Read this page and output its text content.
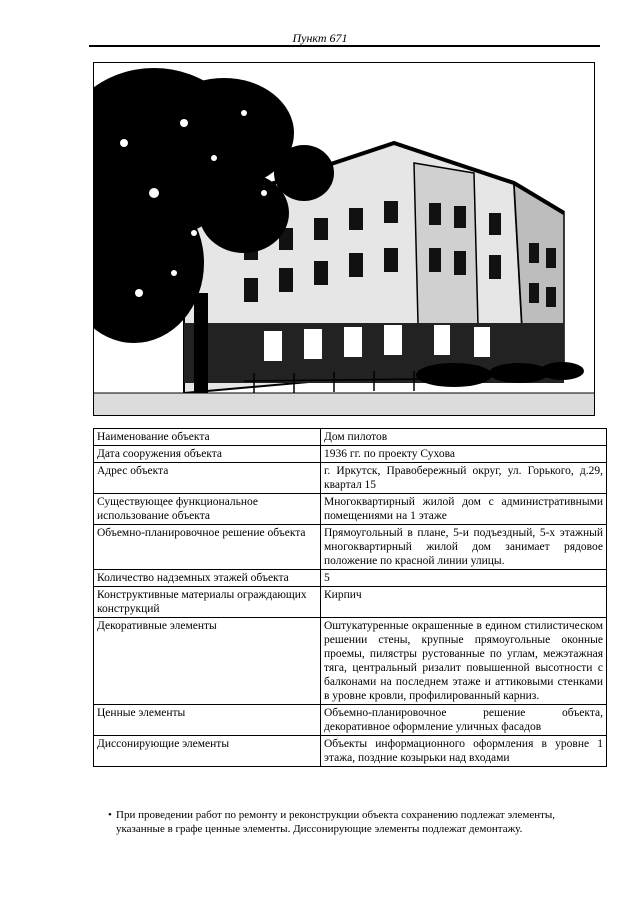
Пункт 671
Наименование объекта	Дом пилотов
Дата сооружения объекта	1936 гг. по проекту Сухова
Адрес объекта	г. Иркутск, Правобережный округ, ул. Горького, д.29, квартал 15
Существующее функциональное использование объекта	Многоквартирный жилой дом с административными помещениями на 1 этаже
Объемно-планировочное решение объекта	Прямоугольный в плане, 5-и подъездный, 5-х этажный многоквартирный жилой дом занимает рядовое положение по красной линии улицы.
Количество надземных этажей объекта	5
Конструктивные материалы ограждающих конструкций	Кирпич
Декоративные элементы	Оштукатуренные окрашенные в едином стилистическом решении стены, крупные прямоугольные оконные проемы, пилястры рустованные по углам, межэтажная тяга, центральный ризалит повышенной высотности с балконами на последнем этаже и аттиковыми стенками в уровне кровли, профилированный карниз.
Ценные элементы	Объемно-планировочное решение объекта, декоративное оформление уличных фасадов
Диссонирующие элементы	Объекты информационного оформления в уровне 1 этажа, поздние козырьки над входами
• При проведении работ по ремонту и реконструкции объекта сохранению подлежат элементы, указанные в графе ценные элементы. Диссонирующие элементы подлежат демонтажу.
